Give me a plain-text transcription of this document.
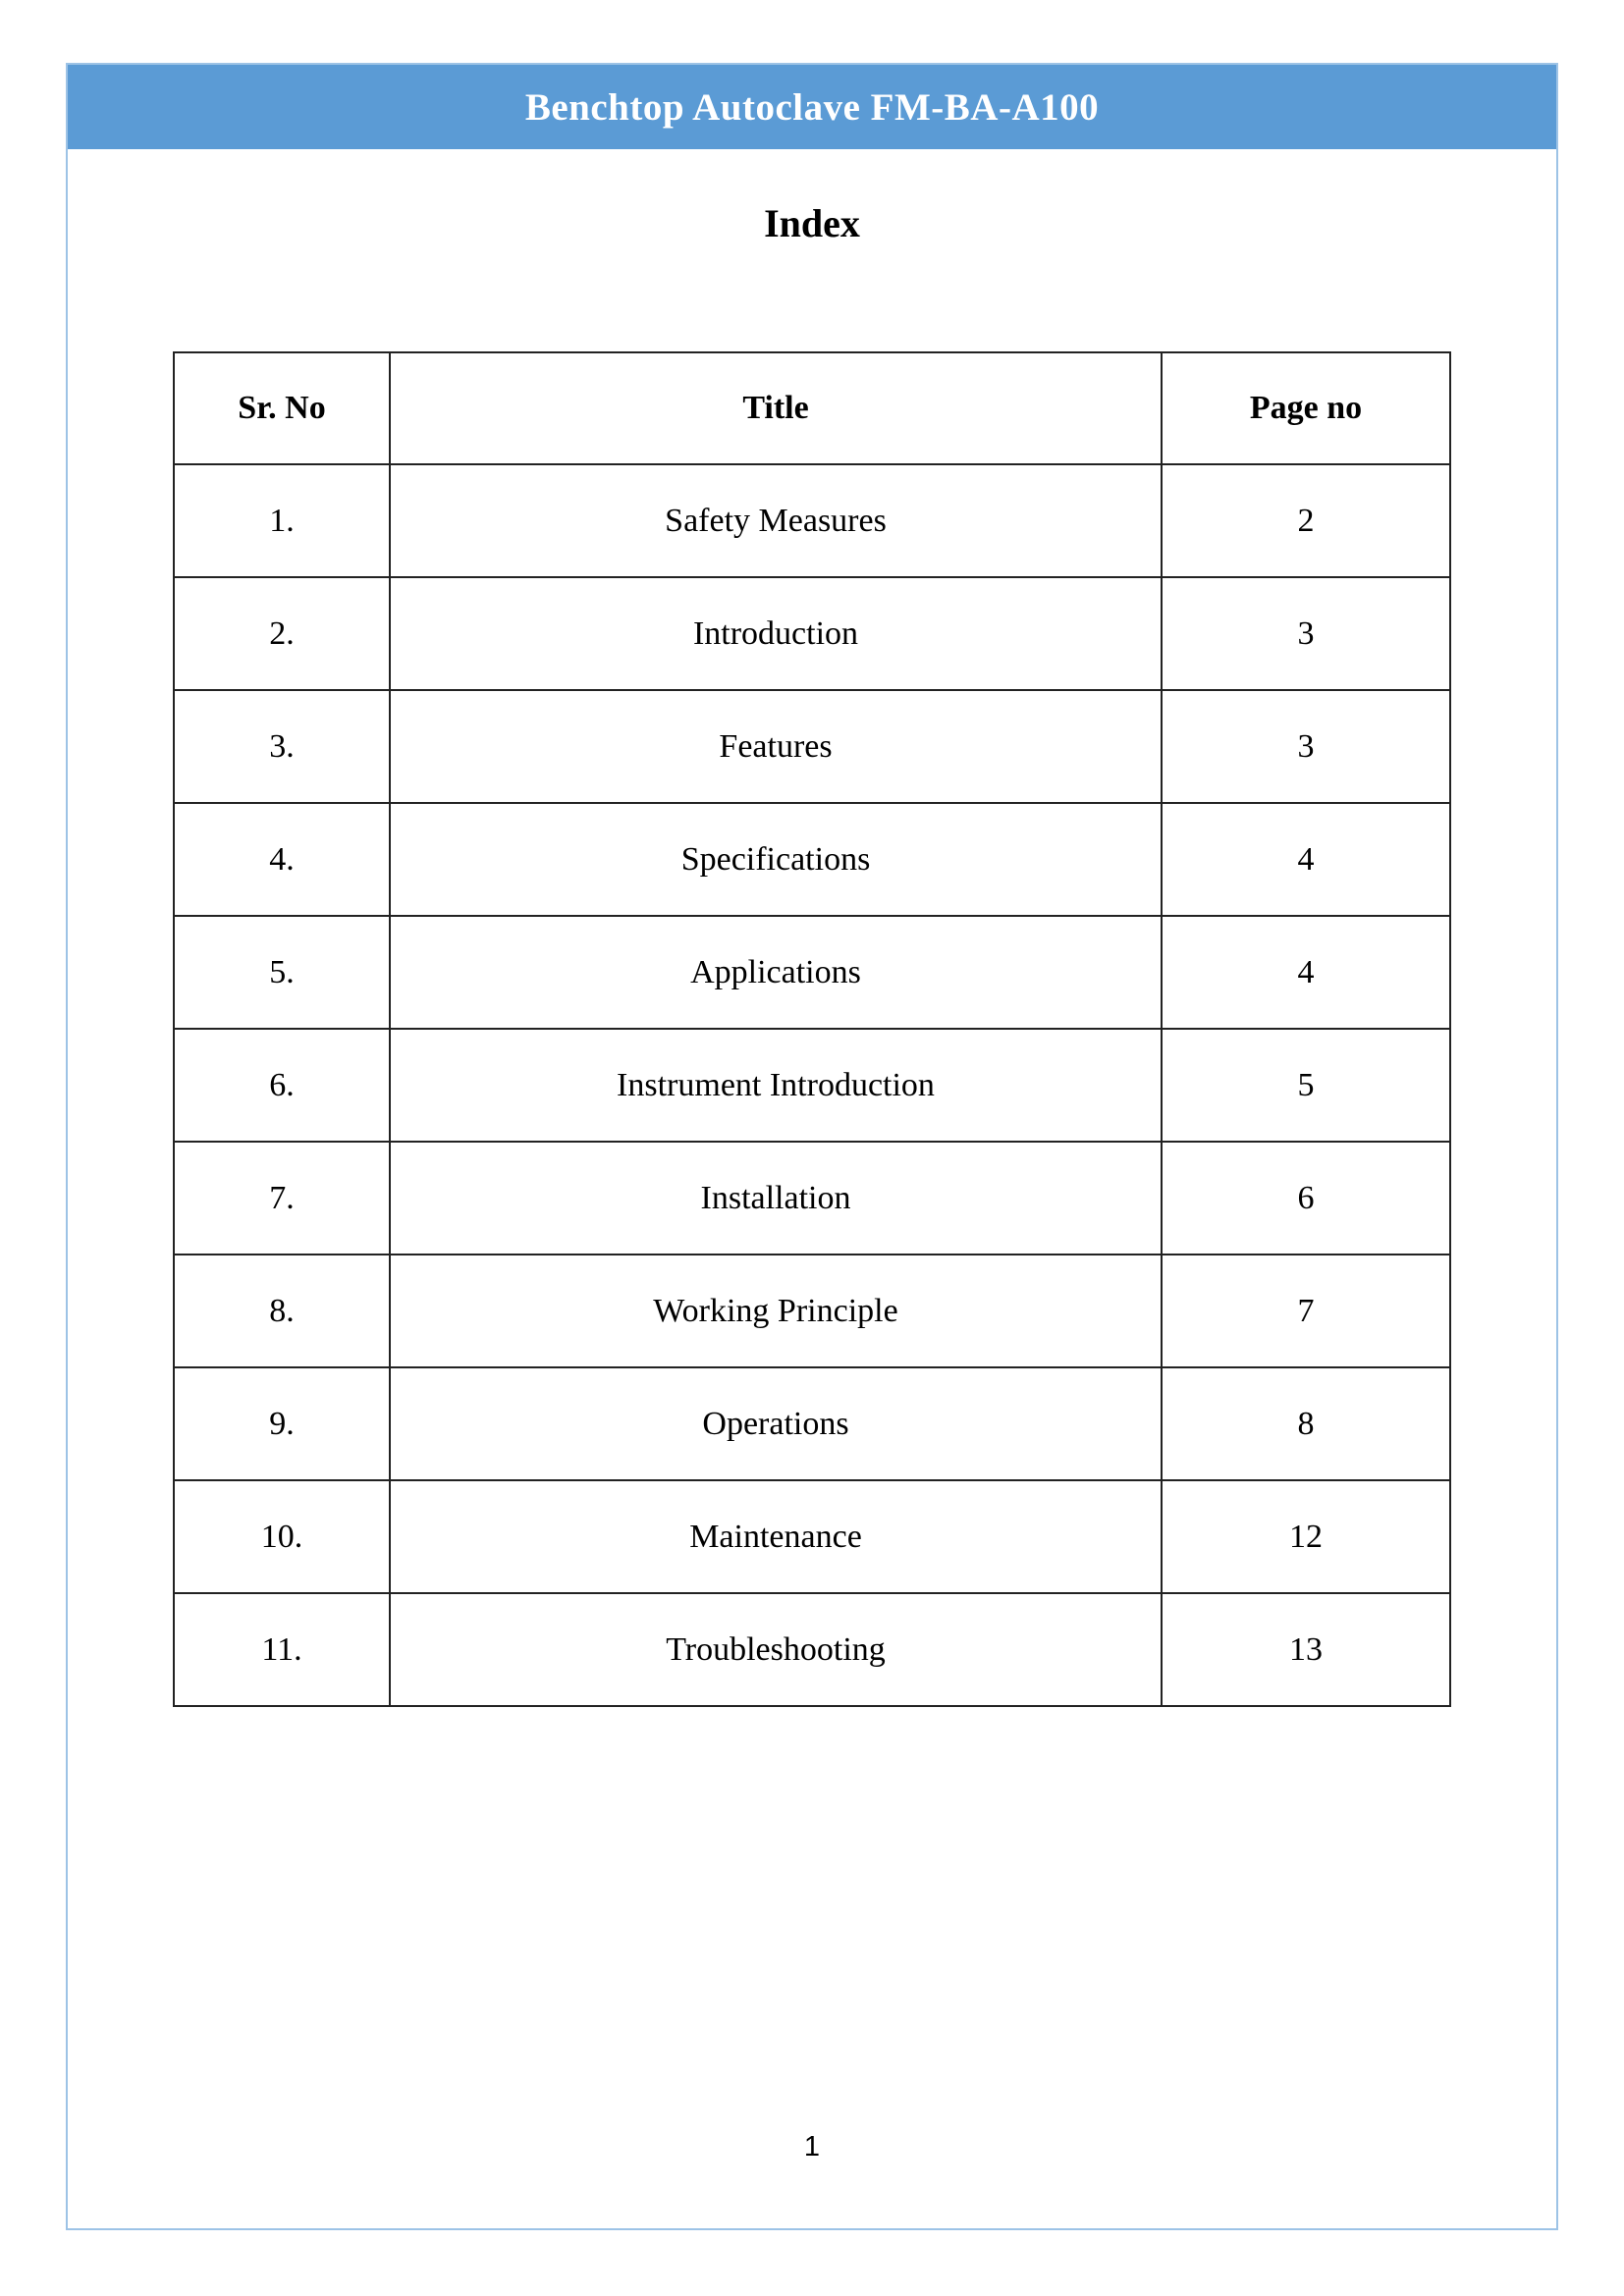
Benchtop Autoclave FM-BA-A100
Index
Sr. No	Title	Page no
1.	Safety Measures	2
2.	Introduction	3
3.	Features	3
4.	Specifications	4
5.	Applications	4
6.	Instrument Introduction	5
7.	Installation	6
8.	Working Principle	7
9.	Operations	8
10.	Maintenance	12
11.	Troubleshooting	13
1
